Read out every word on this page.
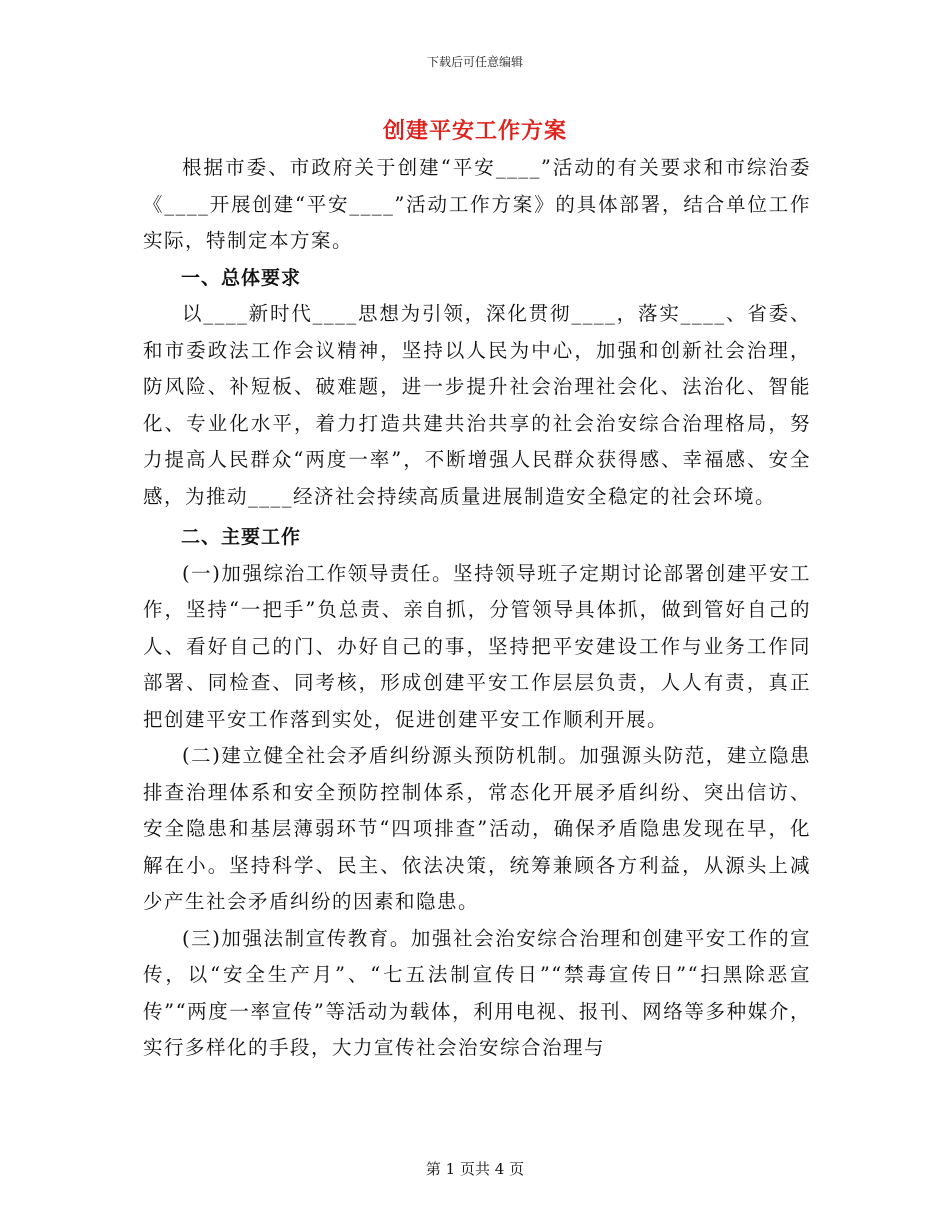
下载后可任意编辑
创建平安工作方案

根据市委、市政府关于创建“平安____”活动的有关要求和市综治委《____开展创建“平安____”活动工作方案》的具体部署，结合单位工作实际，特制定本方案。

一、总体要求

以____新时代____思想为引领，深化贯彻____，落实____、省委、和市委政法工作会议精神，坚持以人民为中心，加强和创新社会治理，防风险、补短板、破难题，进一步提升社会治理社会化、法治化、智能化、专业化水平，着力打造共建共治共享的社会治安综合治理格局，努力提高人民群众“两度一率”，不断增强人民群众获得感、幸福感、安全感，为推动____经济社会持续高质量进展制造安全稳定的社会环境。

二、主要工作

(一)加强综治工作领导责任。坚持领导班子定期讨论部署创建平安工作，坚持“一把手”负总责、亲自抓，分管领导具体抓，做到管好自己的人、看好自己的门、办好自己的事，坚持把平安建设工作与业务工作同部署、同检查、同考核，形成创建平安工作层层负责，人人有责，真正把创建平安工作落到实处，促进创建平安工作顺利开展。

(二)建立健全社会矛盾纠纷源头预防机制。加强源头防范，建立隐患排查治理体系和安全预防控制体系，常态化开展矛盾纠纷、突出信访、安全隐患和基层薄弱环节“四项排查”活动，确保矛盾隐患发现在早，化解在小。坚持科学、民主、依法决策，统筹兼顾各方利益，从源头上减少产生社会矛盾纠纷的因素和隐患。

(三)加强法制宣传教育。加强社会治安综合治理和创建平安工作的宣传，以“安全生产月”、“七五法制宣传日”“禁毒宣传日”“扫黑除恶宣传”“两度一率宣传”等活动为载体，利用电视、报刊、网络等多种媒介，实行多样化的手段，大力宣传社会治安综合治理与

第 1 页共 4 页
